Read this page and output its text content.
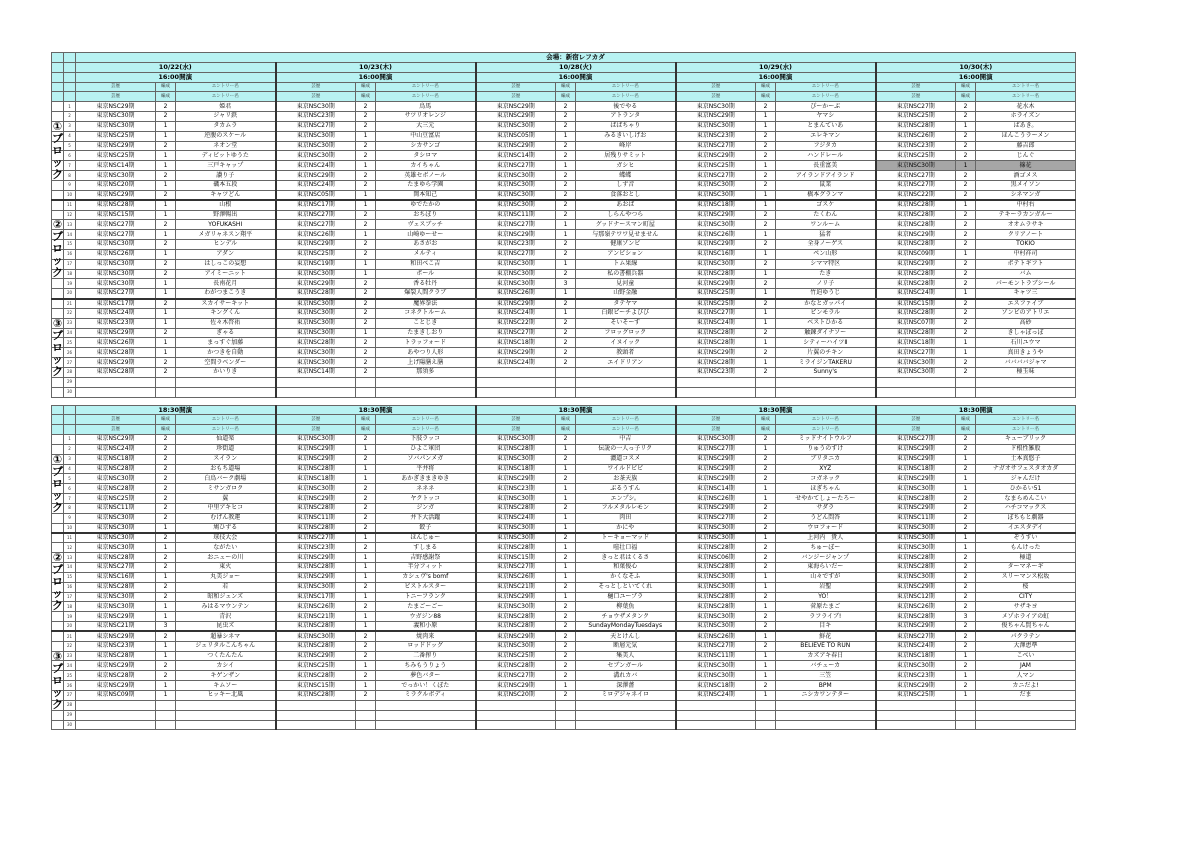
		会場：新宿レフカダ														
		10/22(水)			10/23(木)			10/28(火)			10/29(水)			10/30(木)		
		16:00開演			16:00開演			16:00開演			16:00開演			16:00開演		
		芸歴	編成	エントリー名	芸歴	編成	エントリー名	芸歴	編成	エントリー名	芸歴	編成	エントリー名	芸歴	編成	エントリー名
		芸歴	編成	エントリー名	芸歴	編成	エントリー名	芸歴	編成	エントリー名	芸歴	編成	エントリー名	芸歴	編成	エントリー名
	1	東京NSC29期	2	姫君	東京NSC30期	2	鳥馬	東京NSC29期	2	後でやる	東京NSC30期	2	ぴーかーぶ	東京NSC27期	2	花水木
	2	東京NSC30期	2	ジャリ鉄	東京NSC23期	2	サツリオレンジ	東京NSC29期	2	アトランタ	東京NSC29期	1	ヤマシ	東京NSC25期	2	ホライズン
	3	東京NSC30期	1	タカムラ	東京NSC27期	2	大三元	東京NSC30期	2	ぱぱちゃり	東京NSC30期	1	とまんていあ	東京NSC28期	1	ぱあき。
	4	東京NSC25期	1	逆腹のスケール	東京NSC30期	1	中山豆富店	東京NSC05期	1	みるきいしげお	東京NSC23期	2	エレキマン	東京NSC26期	2	ほんこうラーメン
	5	東京NSC29期	2	ネオン堂	東京NSC30期	2	シカサンゴ	東京NSC29期	2	峰岸	東京NSC27期	2	フジタカ	東京NSC23期	2	藤吉郎
	6	東京NSC25期	1	ディビットゆうた	東京NSC30期	2	タシロマ	東京NSC14期	2	居残りサミット	東京NSC29期	2	ハンドレール	東京NSC25期	2	じんぐ
	7	東京NSC14期	1	三戸キャップ	東京NSC24期	1	カイちゃん	東京NSC27期	1	ガシヒ	東京NSC25期	1	長重富美	東京NSC30期	1	篠花
	8	東京NSC30期	2	讃り子	東京NSC29期	2	英雄セボノール	東京NSC30期	2	蝶蝶	東京NSC27期	2	アイランドアイランド	東京NSC27期	2	酒ゴメス
	9	東京NSC20期	1	磯本五段	東京NSC24期	2	たまゆら学園	東京NSC30期	2	しず音	東京NSC30期	2	鼠業	東京NSC27期	2	黒メイソン
	10	東京NSC29期	2	キャツどん	東京NSC05期	1	岡本知己	東京NSC30期	2	食落おとし	東京NSC30期	1	橋本グランマ	東京NSC22期	2	シネマンガ
	11	東京NSC28期	1	山根	東京NSC17期	1	ゆでたかの	東京NSC30期	2	あおば	東京NSC18期	1	ゴスケ	東京NSC28期	1	中村右
	12	東京NSC15期	1	野澤暢出	東京NSC27期	2	おちぼり	東京NSC11期	2	しらんやつら	東京NSC29期	2	たくわん	東京NSC28期	2	テキーラカンガルー
	13	東京NSC27期	2	YOFUKASHI	東京NSC27期	2	ヴェスブッチ	東京NSC27期	1	グッドナースマン町屋	東京NSC30期	2	ワンルーム	東京NSC28期	2	オオムラサキ
	14	東京NSC27期	1	メガリャネスン翔平	東京NSC26期	1	山崎ゆーせー	東京NSC29期	1	与那嶺テワワ見せません	東京NSC26期	1	猛者	東京NSC29期	2	クリアノート
	15	東京NSC30期	2	ヒンデル	東京NSC29期	2	あさがお	東京NSC23期	2	健康ゾンビ	東京NSC29期	2	全身ノーゲス	東京NSC28期	2	TOKIO
	16	東京NSC26期	1	アダン	東京NSC25期	2	メルティ	東京NSC27期	2	アンビション	東京NSC16期	1	ペン山形	東京NSC09期	1	中村祥司
	17	東京NSC30期	2	はしっこの妄想	東京NSC19期	1	和田べこ吉	東京NSC30期	1	トム果線	東京NSC30期	2	シママ特区	東京NSC29期	2	ポテトギフト
	18	東京NSC30期	2	アイミーニット	東京NSC30期	1	ポール	東京NSC30期	2	私の書棚兵器	東京NSC28期	1	たき	東京NSC28期	2	バム
	19	東京NSC30期	1	長南花月	東京NSC29期	2	香る牡丹	東京NSC30期	3	見河童	東京NSC29期	2	ノリ子	東京NSC28期	2	パーモントラブシール
	20	東京NSC27期	1	わがつまこうき	東京NSC28期	2	爆裂人間クラブ	東京NSC26期	1	山野金融	東京NSC25期	1	竹迫ゆうじ	東京NSC24期	1	キャツ三
	21	東京NSC17期	2	スカイサーキット	東京NSC30期	2	魔界拳法	東京NSC29期	2	タテヤマ	東京NSC25期	2	かなとガッパイ	東京NSC15期	2	エスファイブ
	22	東京NSC24期	1	キングくん	東京NSC30期	2	コネクトルーム	東京NSC24期	1	白銀ピーチよびび	東京NSC27期	1	ピンモラル	東京NSC28期	2	ゾンビのアトリエ
	23	東京NSC23期	1	佐々木啓祐	東京NSC30期	2	ことじき	東京NSC22期	2	そいそーす	東京NSC24期	1	ベストひかる	東京NSC07期	2	高砂
	24	東京NSC29期	2	ぎゃる	東京NSC30期	1	たまきしおり	東京NSC27期	2	フロッグロック	東京NSC28期	2	触錬ダイナソー	東京NSC28期	2	きしゃぼっぼ
	25	東京NSC26期	1	まっすぐ加藤	東京NSC28期	2	トラッフォード	東京NSC18期	2	イヌイック	東京NSC28期	1	シティーハイツⅡ	東京NSC18期	1	石川ユウマ
	26	東京NSC28期	1	かつきを自動	東京NSC30期	2	あやつり人形	東京NSC29期	2	教頭者	東京NSC29期	2	片翼のチキン	東京NSC27期	1	真田きょうや
	27	東京NSC29期	2	空間ラベンダー	東京NSC30期	2	上げ陽膳え膳	東京NSC24期	2	エイドリアン	東京NSC28期	1	ミライジンTAKERU	東京NSC30期	2	ババババジャマ
	28	東京NSC28期	2	かいりき	東京NSC14期	2	那須多				東京NSC23期	2	Sunny's	東京NSC30期	2	極玉味
	29															
	30															

		18:30開演			18:30開演			18:30開演			18:30開演			18:30開演		
		芸歴	編成	エントリー名	芸歴	編成	エントリー名	芸歴	編成	エントリー名	芸歴	編成	エントリー名	芸歴	編成	エントリー名
		芸歴	編成	エントリー名	芸歴	編成	エントリー名	芸歴	編成	エントリー名	芸歴	編成	エントリー名	芸歴	編成	エントリー名
	1	東京NSC29期	2	仙道楽	東京NSC30期	2	下肢ラッコ	東京NSC30期	2	中吉	東京NSC30期	2	ミッドナイトウルフ	東京NSC27期	2	キューブリック
	2	東京NSC24期	2	珍街道	東京NSC29期	1	ひよこ軍団	東京NSC28期	1	伝説の一人っ子リク	東京NSC27期	1	りゅうのすけ	東京NSC29期	2	ド根性雑股
	3	東京NSC18期	2	スイラン	東京NSC29期	2	ソバパンメガ	東京NSC30期	2	濃道コスメ	東京NSC29期	2	ブリタニカ	東京NSC29期	1	土本真悠子
	4	東京NSC28期	2	おもち道場	東京NSC28期	1	平井将	東京NSC18期	1	ワイルドビビ	東京NSC29期	2	XYZ	東京NSC18期	2	ナガオサフェスタオカダ
	5	東京NSC30期	2	白鳥バーク劇場	東京NSC18期	1	あかぎきまきゆき	東京NSC29期	2	お茶天族	東京NSC29期	2	コガネック	東京NSC29期	1	ジャんだけ
	6	東京NSC28期	2	ミサンガロク	東京NSC30期	2	ネネネ	東京NSC23期	1	ぶるうすん	東京NSC14期	1	ほぎちゃん	東京NSC30期	1	ひかるい51
	7	東京NSC25期	2	翼	東京NSC29期	2	ヤクトッコ	東京NSC30期	1	エンプシ。	東京NSC26期	1	せやかてしょーたろー	東京NSC28期	2	なまらめんこい
	8	東京NSC11期	2	中里アキヒコ	東京NSC28期	2	ジンガ	東京NSC28期	2	フルメタルレモン	東京NSC29期	2	サダラ	東京NSC29期	2	ハチコマックス
	9	東京NSC30期	2	むげん教運	東京NSC11期	2	井下大活躍	東京NSC24期	1	肉田	東京NSC27期	2	うどん問答	東京NSC11期	2	ぼちもと劇器
	10	東京NSC30期	1	鳩ひずる	東京NSC28期	2	餃子	東京NSC30期	1	かにや	東京NSC30期	2	ウロフォード	東京NSC30期	2	イエスタデイ
	11	東京NSC30期	2	球技大会	東京NSC27期	1	ほんじゅー	東京NSC30期	2	トーキョーマッド	東京NSC30期	1	上河内　貴人	東京NSC30期	1	ぞうすい
	12	東京NSC30期	1	ながたい	東京NSC23期	2	すしまる	東京NSC28期	1	喧壮口福	東京NSC28期	2	ちゅーぼー	東京NSC30期	1	もんけった
	13	東京NSC28期	2	おニューの川	東京NSC29期	1	吉野感謝祭	東京NSC15期	2	きっと君はくるさ	東京NSC06期	2	バンジージャンプ	東京NSC28期	2	極道
	14	東京NSC27期	2	東火	東京NSC28期	1	半分フィット	東京NSC27期	1	和菓俊心	東京NSC28期	2	東海らいだー	東京NSC28期	2	ターマネーギ
	15	東京NSC16期	1	丸美ジョー	東京NSC29期	1	カシュヴ's bomf	東京NSC26期	1	かくなそふ	東京NSC30期	1	山々ですが	東京NSC30期	2	スリーマンス松坂
	16	東京NSC28期	2	若	東京NSC30期	2	ビストルスター	東京NSC21期	2	そっとしといてくれ	東京NSC30期	1	岩聖	東京NSC29期	2	桜
	17	東京NSC30期	2	昭和ジェンズ	東京NSC17期	1	トニーフランク	東京NSC29期	1	樋口ユープラ	東京NSC28期	2	YO！	東京NSC12期	2	CITY
	18	東京NSC30期	1	みはるマウンテン	東京NSC26期	2	たまごーごー	東京NSC30期	2	柳葉魚	東京NSC28期	1	菅原たまご	東京NSC26期	2	サザキヨ
	19	東京NSC29期	1	青沢	東京NSC21期	1	ウガジン88	東京NSC28期	2	チョウザメタンク	東京NSC30期	2	ラフライブ!	東京NSC28期	3	メゾホライアの虹
	20	東京NSC21期	3	昆虫ズ	東京NSC28期	1	義和小原	東京NSC28期	2	SundayMondayTuesdays	東京NSC30期	2	目キ	東京NSC29期	2	俊ちゃん賢ちゃん
	21	東京NSC29期	2	超暴シネマ	東京NSC30期	2	焼肉来	東京NSC29期	2	天とけんし	東京NSC26期	1	鮮花	東京NSC27期	2	パクラテン
	22	東京NSC23期	1	ジェリタルこんちゃん	東京NSC28期	2	ロッドドッグ	東京NSC30期	2	断層元気	東京NSC27期	2	BELIEVE TO RUN	東京NSC24期	2	大澤恵準
	23	東京NSC28期	1	つくたんたん	東京NSC29期	2	二番搾り	東京NSC25期	2	集美人	東京NSC11期	1	カズアキ春日	東京NSC18期	1	こべい
	24	東京NSC29期	2	カシイ	東京NSC25期	1	ちみもうりょう	東京NSC28期	2	セブンガール	東京NSC30期	1	バチューカ	東京NSC30期	2	JAM
	25	東京NSC28期	2	キゲンザン	東京NSC28期	2	夢色バター	東京NSC27期	2	溝れカバ	東京NSC30期	1	三笠	東京NSC23期	1	人マン
	26	東京NSC29期	1	キムソー	東京NSC15期	1	でっかい！くぼた	東京NSC29期	1	深澤薔	東京NSC18期	2	BPM	東京NSC29期	2	カニだよ!
	27	東京NSC09期	1	ヒッキー北風	東京NSC28期	2	ミラクルボディ	東京NSC20期	2	ミロデジャネイロ	東京NSC24期	1	ニシカワンテター	東京NSC25期	1	だま
	28															
	29															
	30															
①
ブ
ロ
ッ
ク
②
ブ
ロ
ッ
ク
③
ブ
ロ
ッ
ク
①
ブ
ロ
ッ
ク
②
ブ
ロ
ッ
ク
③
ブ
ロ
ッ
ク
